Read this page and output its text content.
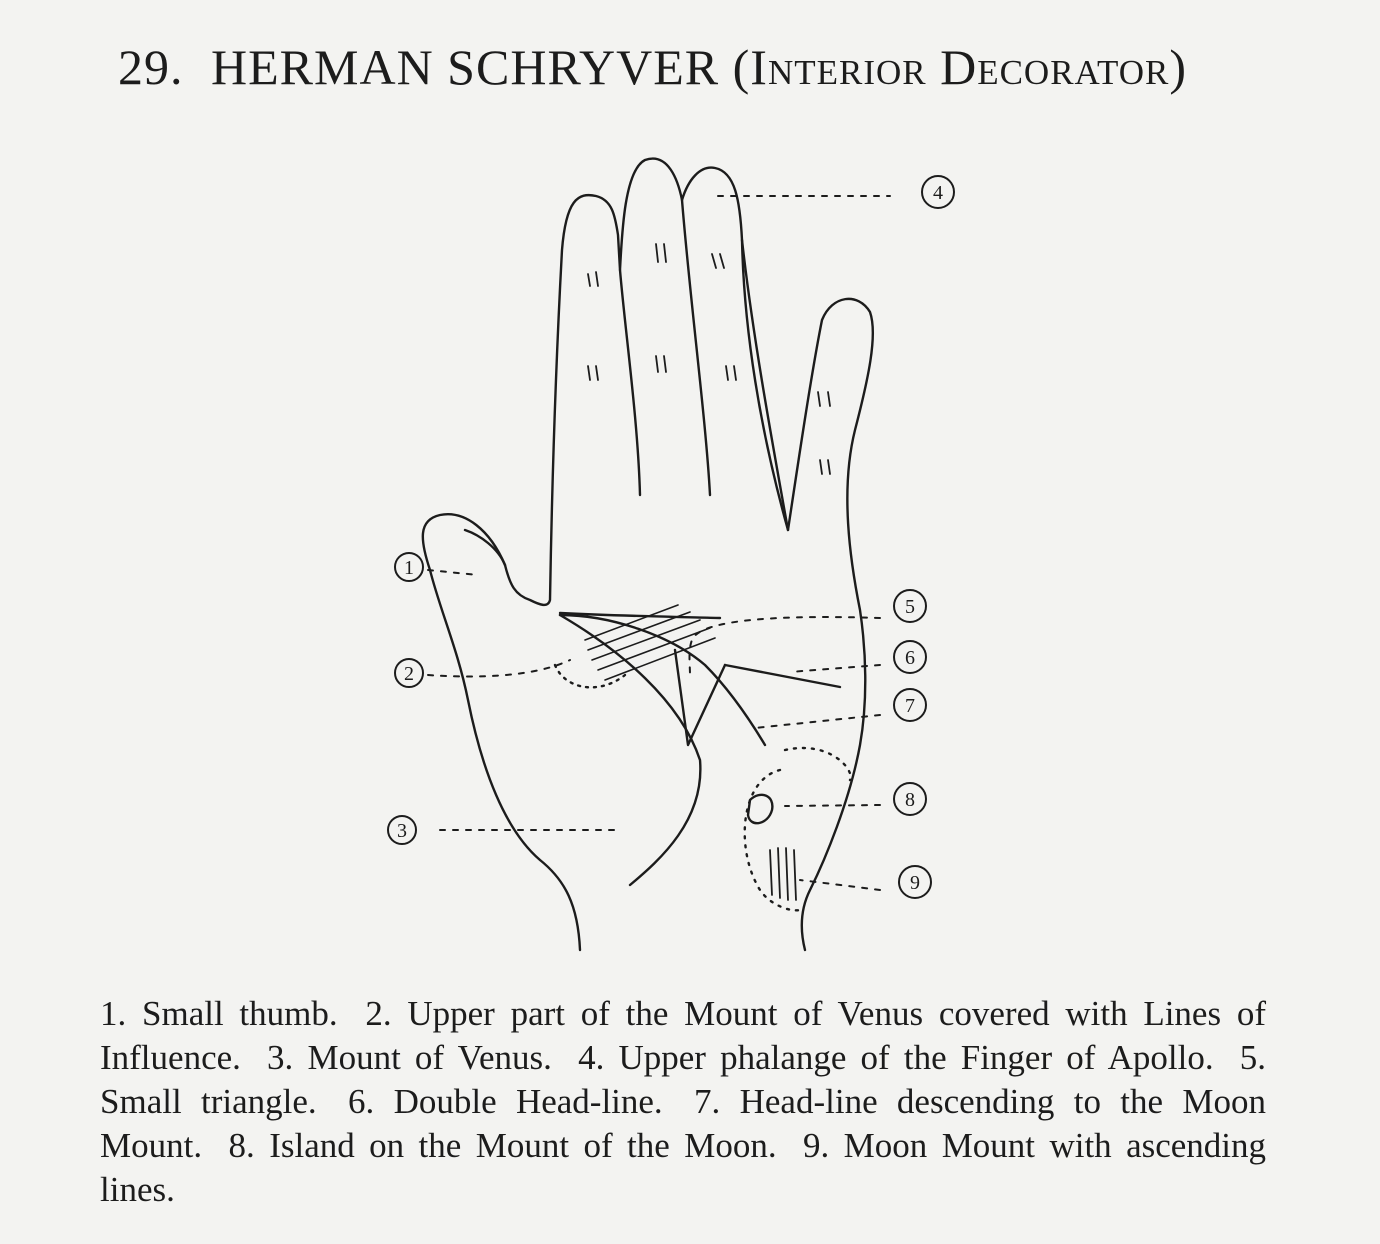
29. HERMAN SCHRYVER (Interior Decorator)
1
2
3
4
5
6
7
8
9
1. Small thumb. 2. Upper part of the Mount of Venus covered with Lines of Influence. 3. Mount of Venus. 4. Upper phalange of the Finger of Apollo. 5. Small triangle. 6. Double Head-line. 7. Head-line descending to the Moon Mount. 8. Island on the Mount of the Moon. 9. Moon Mount with ascending lines.
